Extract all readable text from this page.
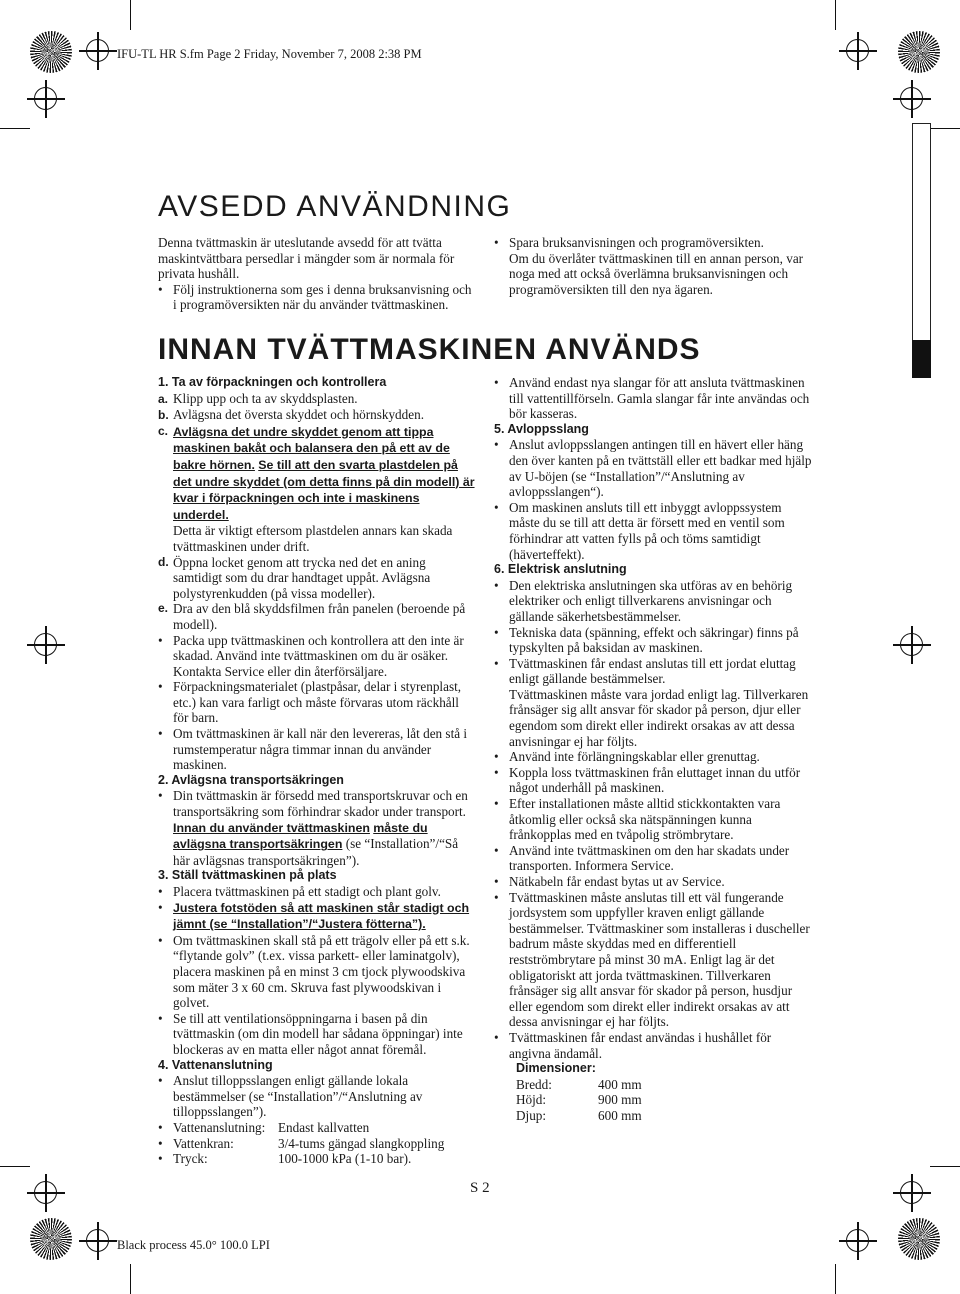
IFU-TL HR S.fm Page 2 Friday, November 7, 2008 2:38 PM
AVSEDD ANVÄNDNING

Denna tvättmaskin är uteslutande avsedd för att tvätta maskintvättbara persedlar i mängder som är normala för privata hushåll.

• Följ instruktionerna som ges i denna bruksanvisning och i programöversikten när du använder tvättmaskinen.

• Spara bruksanvisningen och programöversikten.

Om du överlåter tvättmaskinen till en annan person, var noga med att också överlämna bruksanvisningen och programöversikten till den nya ägaren.

INNAN TVÄTTMASKINEN ANVÄNDS

1. Ta av förpackningen och kontrollera

a. Klipp upp och ta av skyddsplasten.

b. Avlägsna det översta skyddet och hörnskydden.

c. Avlägsna det undre skyddet genom att tippa maskinen bakåt och balansera den på ett av de bakre hörnen. Se till att den svarta plastdelen på det undre skyddet (om detta finns på din modell) är kvar i förpackningen och inte i maskinens underdel.

Detta är viktigt eftersom plastdelen annars kan skada tvättmaskinen under drift.

d. Öppna locket genom att trycka ned det en aning samtidigt som du drar handtaget uppåt. Avlägsna polystyrenkudden (på vissa modeller).

e. Dra av den blå skyddsfilmen från panelen (beroende på modell).

• Packa upp tvättmaskinen och kontrollera att den inte är skadad. Använd inte tvättmaskinen om du är osäker. Kontakta Service eller din återförsäljare.

• Förpackningsmaterialet (plastpåsar, delar i styrenplast, etc.) kan vara farligt och måste förvaras utom räckhåll för barn.

• Om tvättmaskinen är kall när den levereras, låt den stå i rumstemperatur några timmar innan du använder maskinen.

2. Avlägsna transportsäkringen

• Din tvättmaskin är försedd med transportskruvar och en transportsäkring som förhindrar skador under transport. Innan du använder tvättmaskinen måste du avlägsna transportsäkringen (se “Installation”/“Så här avlägsnas transportsäkringen”).

3. Ställ tvättmaskinen på plats

• Placera tvättmaskinen på ett stadigt och plant golv.

• Justera fotstöden så att maskinen står stadigt och jämnt (se “Installation”/“Justera fötterna”).

• Om tvättmaskinen skall stå på ett trägolv eller på ett s.k. “flytande golv” (t.ex. vissa parkett- eller laminatgolv), placera maskinen på en minst 3 cm tjock plywoodskiva som mäter 3 x 60 cm. Skruva fast plywoodskivan i golvet.

• Se till att ventilationsöppningarna i basen på din tvättmaskin (om din modell har sådana öppningar) inte blockeras av en matta eller något annat föremål.

4. Vattenanslutning

• Anslut tilloppsslangen enligt gällande lokala bestämmelser (se “Installation”/“Anslutning av tilloppsslangen”).

• Vattenanslutning: Endast kallvatten

• Vattenkran:	3/4-tums gängad slangkoppling

• Tryck:	100-1000 kPa (1-10 bar).

• Använd endast nya slangar för att ansluta tvättmaskinen till vattentillförseln. Gamla slangar får inte användas och bör kasseras.

5. Avloppsslang

• Anslut avloppsslangen antingen till en hävert eller häng den över kanten på en tvättställ eller ett badkar med hjälp av U-böjen (se “Installation”/“Anslutning av avloppsslangen“).

• Om maskinen ansluts till ett inbyggt avloppssystem måste du se till att detta är försett med en ventil som förhindrar att vatten fylls på och töms samtidigt (häverteffekt).

6. Elektrisk anslutning

• Den elektriska anslutningen ska utföras av en behörig elektriker och enligt tillverkarens anvisningar och gällande säkerhetsbestämmelser.

• Tekniska data (spänning, effekt och säkringar) finns på typskylten på baksidan av maskinen.

• Tvättmaskinen får endast anslutas till ett jordat eluttag enligt gällande bestämmelser.

Tvättmaskinen måste vara jordad enligt lag. Tillverkaren frånsäger sig allt ansvar för skador på person, djur eller egendom som direkt eller indirekt orsakas av att dessa anvisningar ej har följts.

• Använd inte förlängningskablar eller grenuttag.

• Koppla loss tvättmaskinen från eluttaget innan du utför något underhåll på maskinen.

• Efter installationen måste alltid stickkontakten vara åtkomlig eller också ska nätspänningen kunna frånkopplas med en tvåpolig strömbrytare.

• Använd inte tvättmaskinen om den har skadats under transporten. Informera Service.

• Nätkabeln får endast bytas ut av Service.

• Tvättmaskinen måste anslutas till ett väl fungerande jordsystem som uppfyller kraven enligt gällande bestämmelser. Tvättmaskiner som installeras i duscheller badrum måste skyddas med en differentiell restströmbrytare på minst 30 mA. Enligt lag är det obligatoriskt att jorda tvättmaskinen. Tillverkaren frånsäger sig allt ansvar för skador på person, husdjur eller egendom som direkt eller indirekt orsakas av att dessa anvisningar ej har följts.

• Tvättmaskinen får endast användas i hushållet för angivna ändamål.

Dimensioner:

Bredd:	400 mm

Höjd:	900 mm

Djup:	600 mm

S 2
Black process 45.0° 100.0 LPI
